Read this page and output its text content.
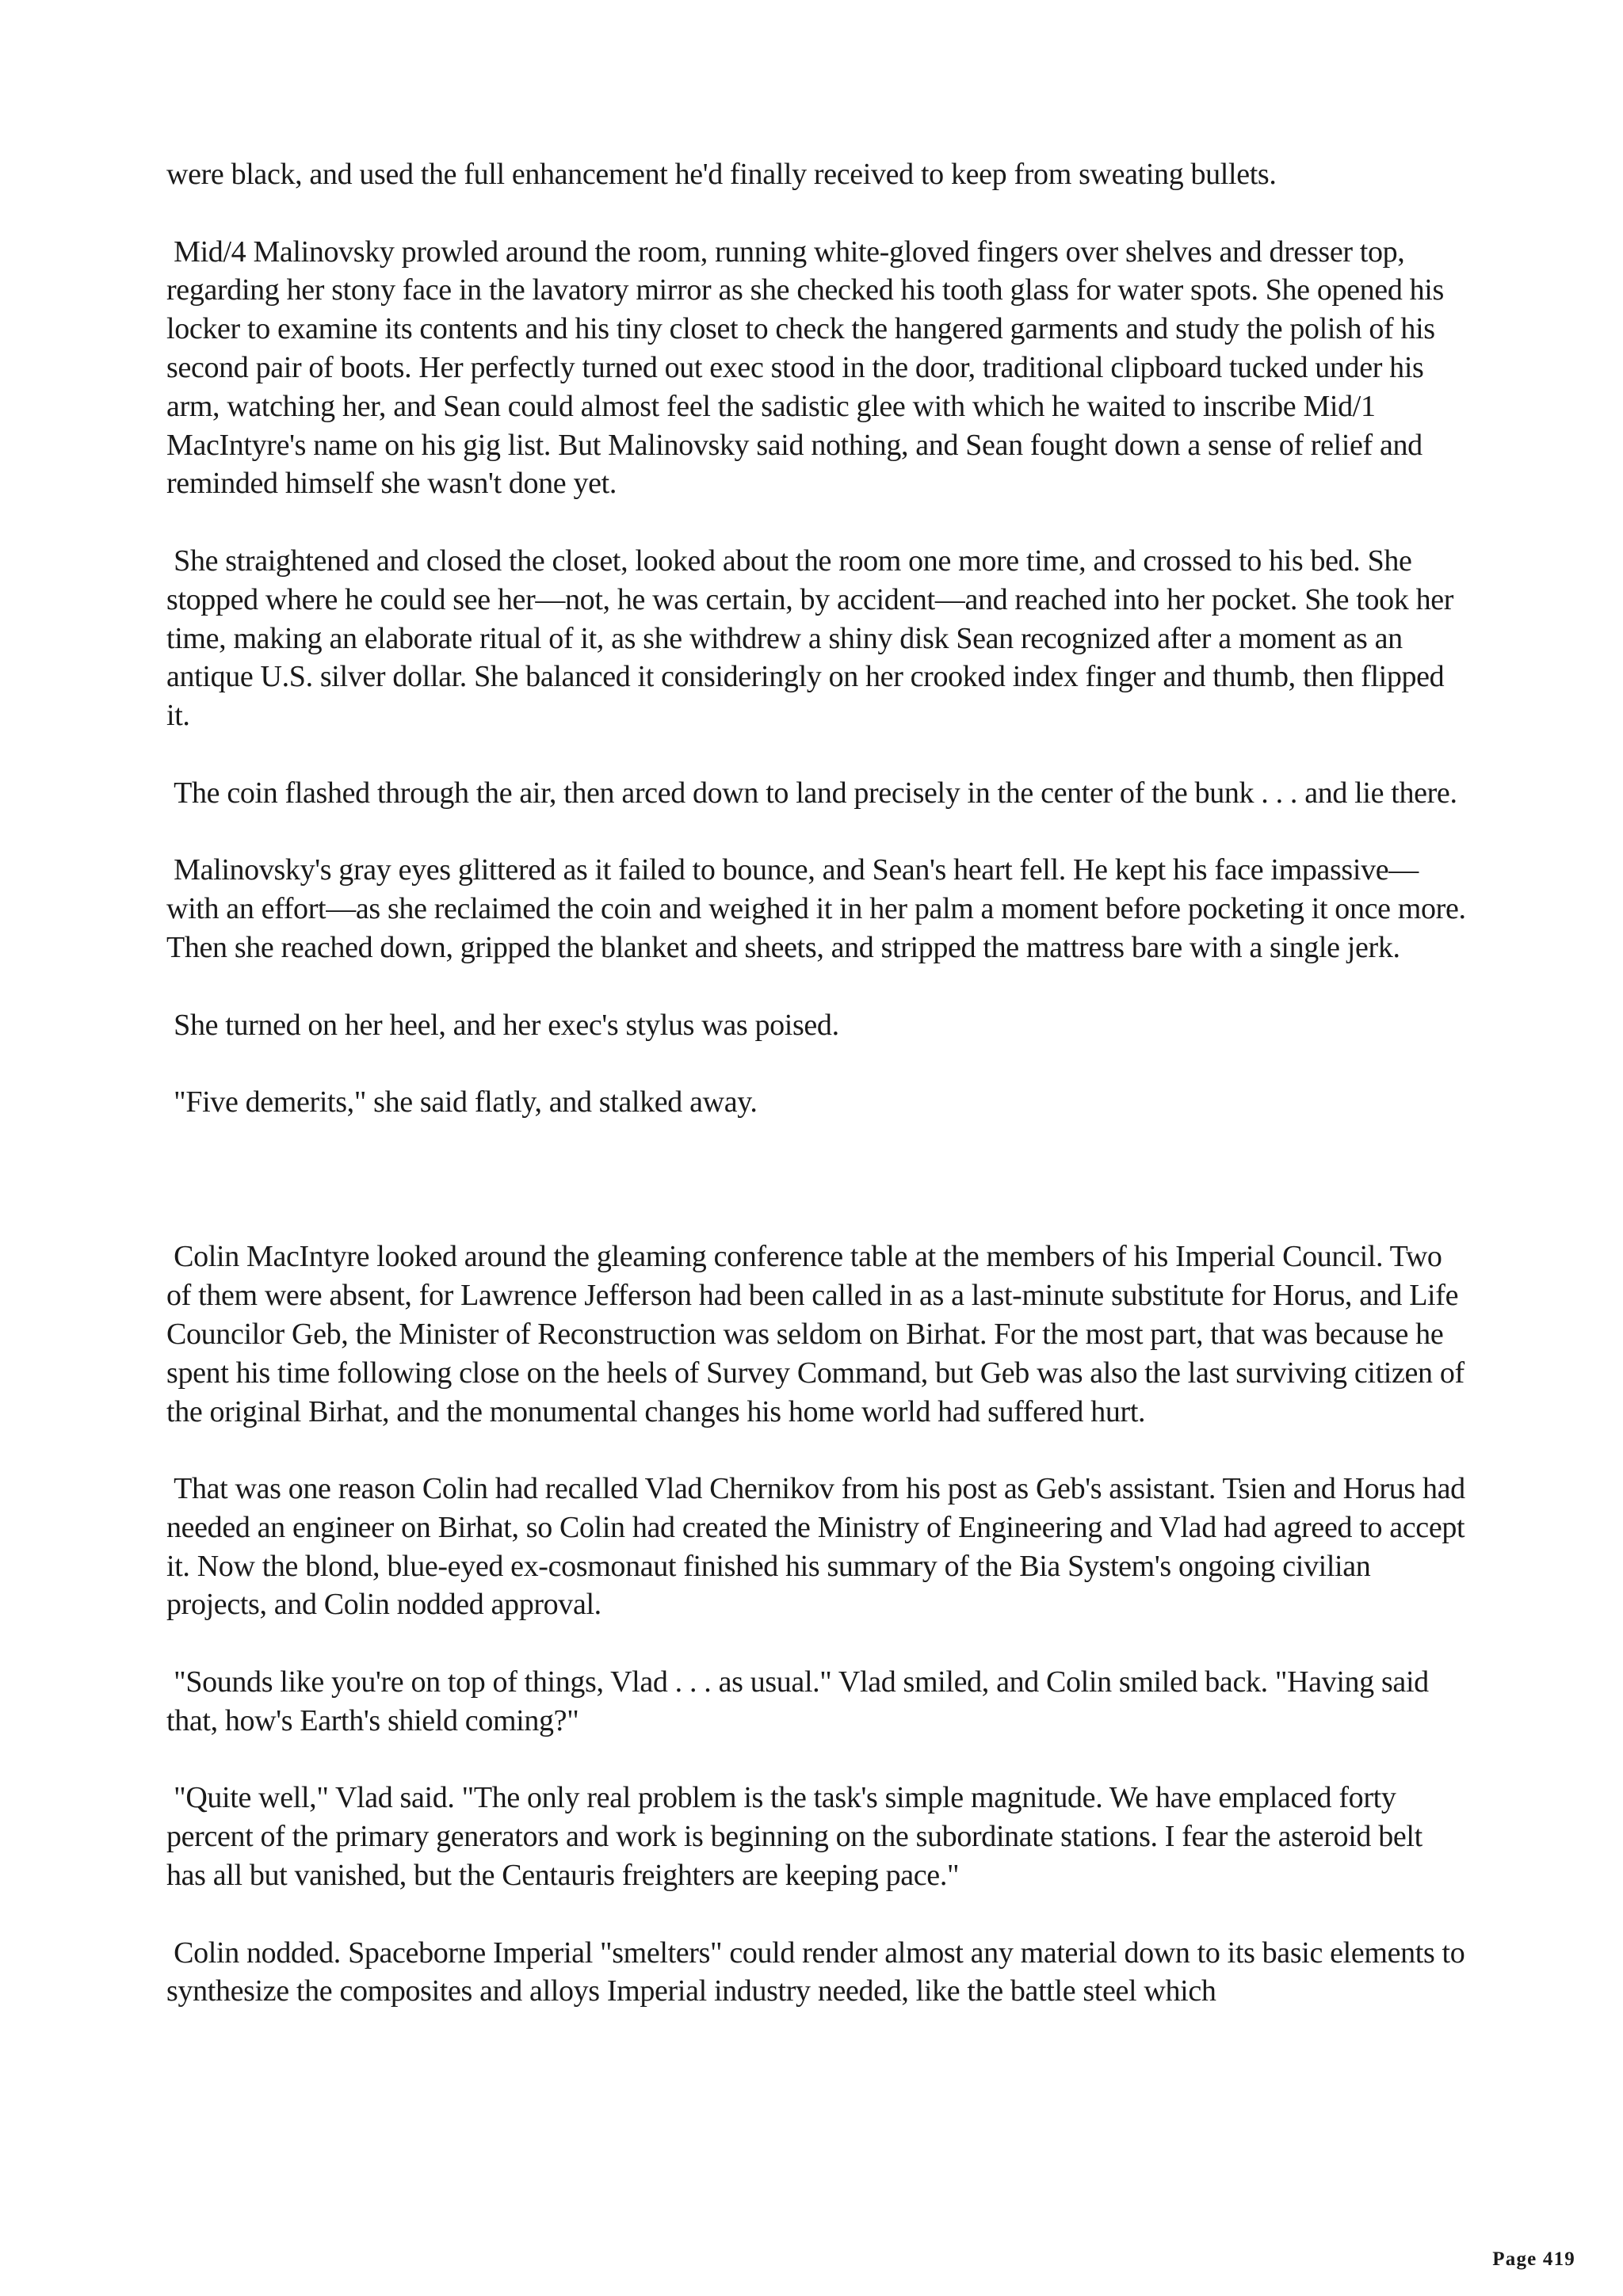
were black, and used the full enhancement he'd finally received to keep from sweating bullets.

Mid/4 Malinovsky prowled around the room, running white-gloved fingers over shelves and dresser top, regarding her stony face in the lavatory mirror as she checked his tooth glass for water spots. She opened his locker to examine its contents and his tiny closet to check the hangered garments and study the polish of his second pair of boots. Her perfectly turned out exec stood in the door, traditional clipboard tucked under his arm, watching her, and Sean could almost feel the sadistic glee with which he waited to inscribe Mid/1 MacIntyre's name on his gig list. But Malinovsky said nothing, and Sean fought down a sense of relief and reminded himself she wasn't done yet.

She straightened and closed the closet, looked about the room one more time, and crossed to his bed. She stopped where he could see her—not, he was certain, by accident—and reached into her pocket. She took her time, making an elaborate ritual of it, as she withdrew a shiny disk Sean recognized after a moment as an antique U.S. silver dollar. She balanced it consideringly on her crooked index finger and thumb, then flipped it.

The coin flashed through the air, then arced down to land precisely in the center of the bunk . . . and lie there.

Malinovsky's gray eyes glittered as it failed to bounce, and Sean's heart fell. He kept his face impassive—with an effort—as she reclaimed the coin and weighed it in her palm a moment before pocketing it once more. Then she reached down, gripped the blanket and sheets, and stripped the mattress bare with a single jerk.

She turned on her heel, and her exec's stylus was poised.

"Five demerits," she said flatly, and stalked away.

Colin MacIntyre looked around the gleaming conference table at the members of his Imperial Council. Two of them were absent, for Lawrence Jefferson had been called in as a last-minute substitute for Horus, and Life Councilor Geb, the Minister of Reconstruction was seldom on Birhat. For the most part, that was because he spent his time following close on the heels of Survey Command, but Geb was also the last surviving citizen of the original Birhat, and the monumental changes his home world had suffered hurt.

That was one reason Colin had recalled Vlad Chernikov from his post as Geb's assistant. Tsien and Horus had needed an engineer on Birhat, so Colin had created the Ministry of Engineering and Vlad had agreed to accept it. Now the blond, blue-eyed ex-cosmonaut finished his summary of the Bia System's ongoing civilian projects, and Colin nodded approval.

"Sounds like you're on top of things, Vlad . . . as usual." Vlad smiled, and Colin smiled back. "Having said that, how's Earth's shield coming?"

"Quite well," Vlad said. "The only real problem is the task's simple magnitude. We have emplaced forty percent of the primary generators and work is beginning on the subordinate stations. I fear the asteroid belt has all but vanished, but the Centauris freighters are keeping pace."

Colin nodded. Spaceborne Imperial "smelters" could render almost any material down to its basic elements to synthesize the composites and alloys Imperial industry needed, like the battle steel which

Page 419
